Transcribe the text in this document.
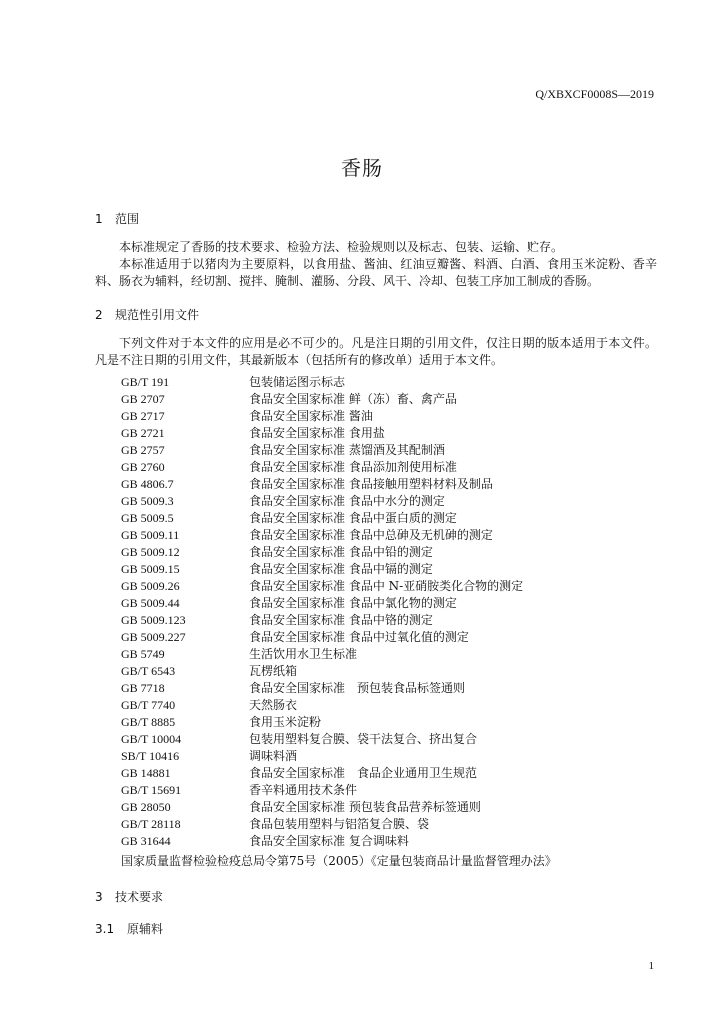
Q/XBXCF0008S—2019
香肠
1 范围

本标准规定了香肠的技术要求、检验方法、检验规则以及标志、包装、运输、贮存。

本标准适用于以猪肉为主要原料，以食用盐、酱油、红油豆瓣酱、料酒、白酒、食用玉米淀粉、香辛料、肠衣为辅料，经切割、搅拌、腌制、灌肠、分段、风干、冷却、包装工序加工制成的香肠。

2 规范性引用文件

下列文件对于本文件的应用是必不可少的。凡是注日期的引用文件，仅注日期的版本适用于本文件。凡是不注日期的引用文件，其最新版本（包括所有的修改单）适用于本文件。

GB/T 191	包装储运图示标志
GB 2707	食品安全国家标准 鲜（冻）畜、禽产品
GB 2717	食品安全国家标准 酱油
GB 2721	食品安全国家标准 食用盐
GB 2757	食品安全国家标准 蒸馏酒及其配制酒
GB 2760	食品安全国家标准 食品添加剂使用标准
GB 4806.7	食品安全国家标准 食品接触用塑料材料及制品
GB 5009.3	食品安全国家标准 食品中水分的测定
GB 5009.5	食品安全国家标准 食品中蛋白质的测定
GB 5009.11	食品安全国家标准 食品中总砷及无机砷的测定
GB 5009.12	食品安全国家标准 食品中铅的测定
GB 5009.15	食品安全国家标准 食品中镉的测定
GB 5009.26	食品安全国家标准 食品中 N-亚硝胺类化合物的测定
GB 5009.44	食品安全国家标准 食品中氯化物的测定
GB 5009.123	食品安全国家标准 食品中铬的测定
GB 5009.227	食品安全国家标准 食品中过氧化值的测定
GB 5749	生活饮用水卫生标准
GB/T 6543	瓦楞纸箱
GB 7718	食品安全国家标准　预包装食品标签通则
GB/T 7740	天然肠衣
GB/T 8885	食用玉米淀粉
GB/T 10004	包装用塑料复合膜、袋干法复合、挤出复合
SB/T 10416	调味料酒
GB 14881	食品安全国家标准　食品企业通用卫生规范
GB/T 15691	香辛料通用技术条件
GB 28050	食品安全国家标准 预包装食品营养标签通则
GB/T 28118	食品包装用塑料与铝箔复合膜、袋
GB 31644	食品安全国家标准 复合调味料
国家质量监督检验检疫总局令第75号（2005）《定量包装商品计量监督管理办法》
3 技术要求
3.1 原辅料
1
